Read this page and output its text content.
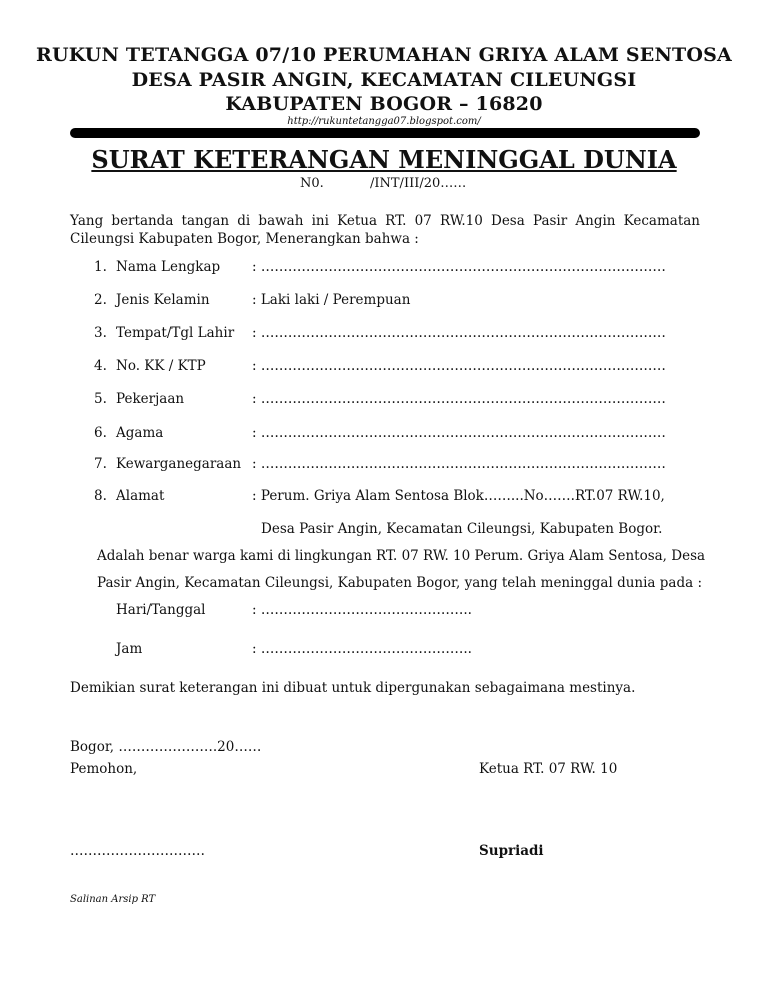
RUKUN TETANGGA 07/10 PERUMAHAN GRIYA ALAM SENTOSA
DESA PASIR ANGIN, KECAMATAN CILEUNGSI
KABUPATEN BOGOR – 16820
http://rukuntetangga07.blogspot.com/
SURAT KETERANGAN MENINGGAL DUNIA
N0.	/INT/III/20……
Yang bertanda tangan di bawah ini Ketua RT. 07 RW.10 Desa Pasir Angin Kecamatan Cileungsi Kabupaten Bogor, Menerangkan bahwa :
1. Nama Lengkap : ………………………………………………………………………………
2. Jenis Kelamin	: Laki laki / Perempuan
3. Tempat/Tgl Lahir : ………………………………………………………………………………
4. No. KK / KTP	: ………………………………………………………………………………
5. Pekerjaan	: ………………………………………………………………………………
6. Agama	: ………………………………………………………………………………
7. Kewarganegaraan : ………………………………………………………………………………
8. Alamat	: Perum. Griya Alam Sentosa Blok……...No…….RT.07 RW.10,
Desa Pasir Angin, Kecamatan Cileungsi, Kabupaten Bogor.
Adalah benar warga kami di lingkungan RT. 07 RW. 10 Perum. Griya Alam Sentosa, Desa
Pasir Angin, Kecamatan Cileungsi, Kabupaten Bogor, yang telah meninggal dunia pada :
Hari/Tanggal	: ………………………………………..
Jam	: ………………………………………..
Demikian surat keterangan ini dibuat untuk dipergunakan sebagaimana mestinya.
Bogor, ………………….20……
Pemohon,	Ketua RT. 07 RW. 10
…………………………	Supriadi
Salinan Arsip RT
